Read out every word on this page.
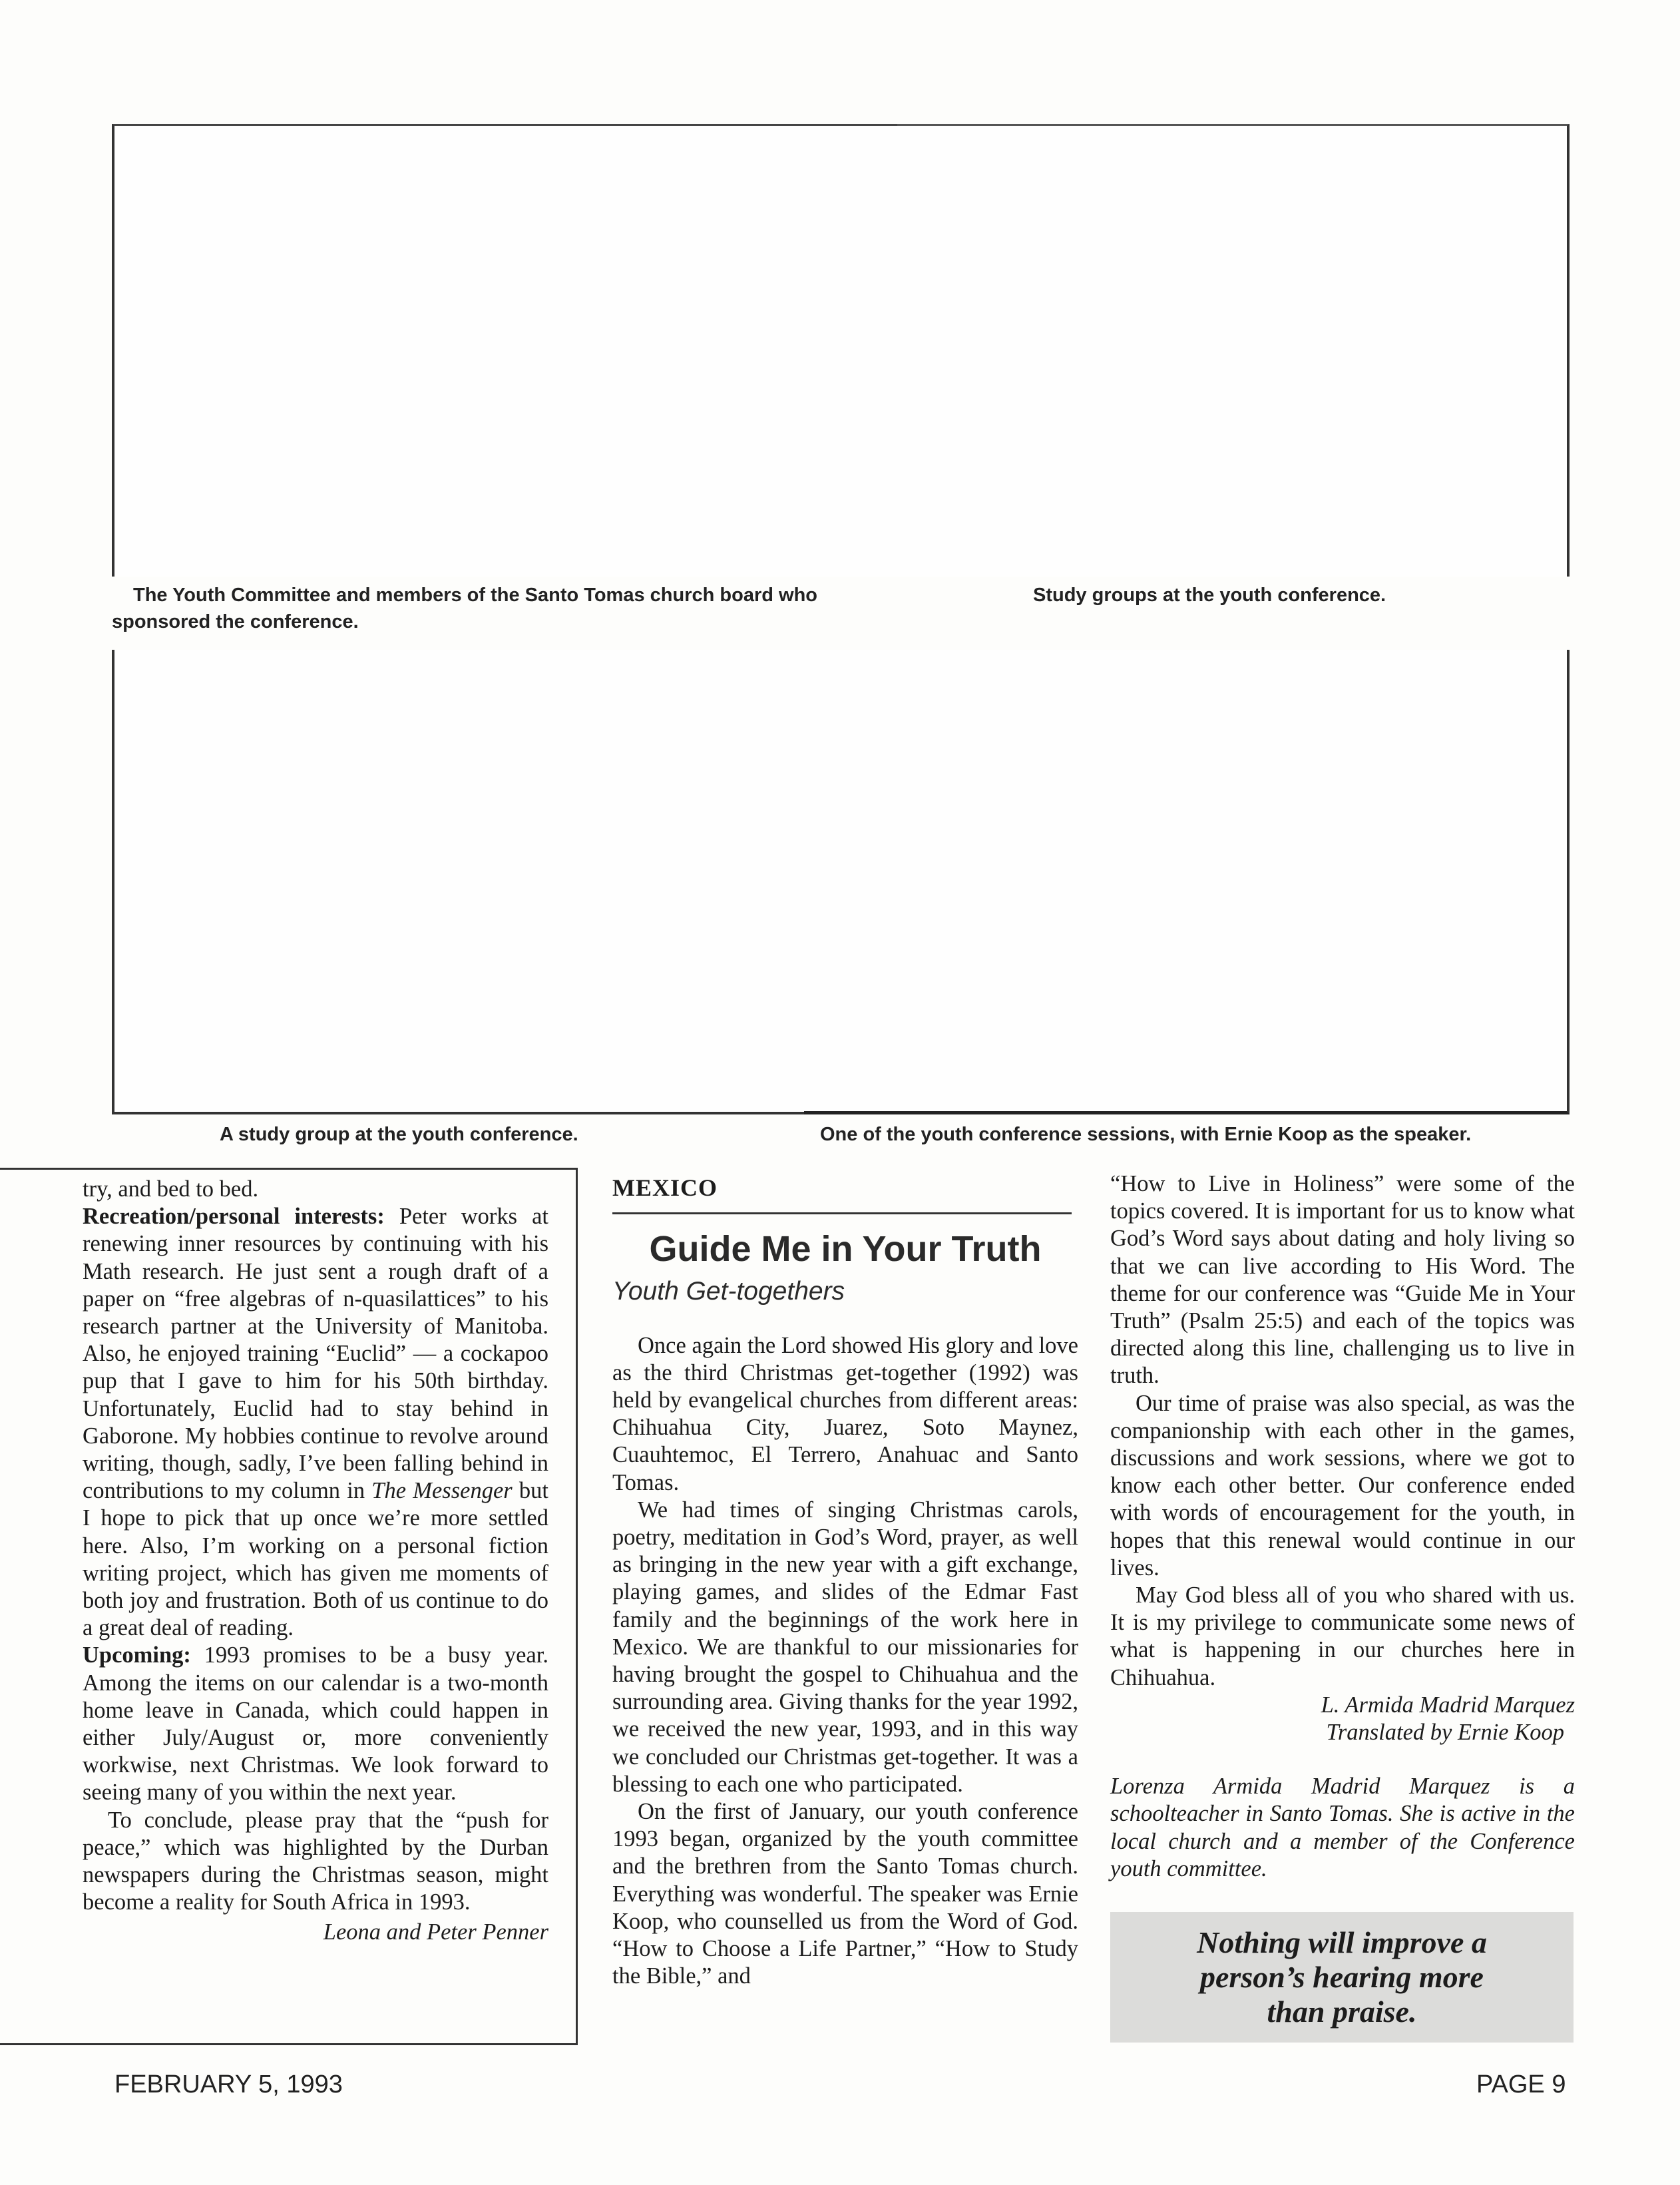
The Youth Committee and members of the Santo Tomas church board who
sponsored the conference.
Study groups at the youth conference.
A study group at the youth conference.	One of the youth conference sessions, with Ernie Koop as the speaker.

try, and bed to bed.

Recreation/personal interests: Peter works at renewing inner resources by continuing with his Math research. He just sent a rough draft of a paper on “free algebras of n-quasilattices” to his research partner at the University of Manitoba. Also, he enjoyed training “Euclid” — a cockapoo pup that I gave to him for his 50th birthday. Unfortunately, Euclid had to stay behind in Gaborone. My hobbies continue to revolve around writing, though, sadly, I’ve been falling behind in contributions to my column in The Messenger but I hope to pick that up once we’re more settled here. Also, I’m working on a personal fiction writing project, which has given me moments of both joy and frustration. Both of us continue to do a great deal of reading.

Upcoming: 1993 promises to be a busy year. Among the items on our calendar is a two-month home leave in Canada, which could happen in either July/August or, more conveniently workwise, next Christmas. We look forward to seeing many of you within the next year.

To conclude, please pray that the “push for peace,” which was highlighted by the Durban newspapers during the Christmas season, might become a reality for South Africa in 1993.

Leona and Peter Penner

MEXICO
Guide Me in Your Truth
Youth Get-togethers

Once again the Lord showed His glory and love as the third Christmas get-together (1992) was held by evangelical churches from different areas: Chihuahua City, Juarez, Soto Maynez, Cuauhtemoc, El Terrero, Anahuac and Santo Tomas.

We had times of singing Christmas carols, poetry, meditation in God’s Word, prayer, as well as bringing in the new year with a gift exchange, playing games, and slides of the Edmar Fast family and the beginnings of the work here in Mexico. We are thankful to our missionaries for having brought the gospel to Chihuahua and the surrounding area. Giving thanks for the year 1992, we received the new year, 1993, and in this way we concluded our Christmas get-together. It was a blessing to each one who participated.

On the first of January, our youth conference 1993 began, organized by the youth committee and the brethren from the Santo Tomas church. Everything was wonderful. The speaker was Ernie Koop, who counselled us from the Word of God. “How to Choose a Life Partner,” “How to Study the Bible,” and

“How to Live in Holiness” were some of the topics covered. It is important for us to know what God’s Word says about dating and holy living so that we can live according to His Word. The theme for our conference was “Guide Me in Your Truth” (Psalm 25:5) and each of the topics was directed along this line, challenging us to live in truth.

Our time of praise was also special, as was the companionship with each other in the games, discussions and work sessions, where we got to know each other better. Our conference ended with words of encouragement for the youth, in hopes that this renewal would continue in our lives.

May God bless all of you who shared with us. It is my privilege to communicate some news of what is happening in our churches here in Chihuahua.

L. Armida Madrid Marquez

Translated by Ernie Koop

Lorenza Armida Madrid Marquez is a schoolteacher in Santo Tomas. She is active in the local church and a member of the Conference youth committee.

Nothing will improve a
person’s hearing more
than praise.
FEBRUARY 5, 1993	PAGE 9
